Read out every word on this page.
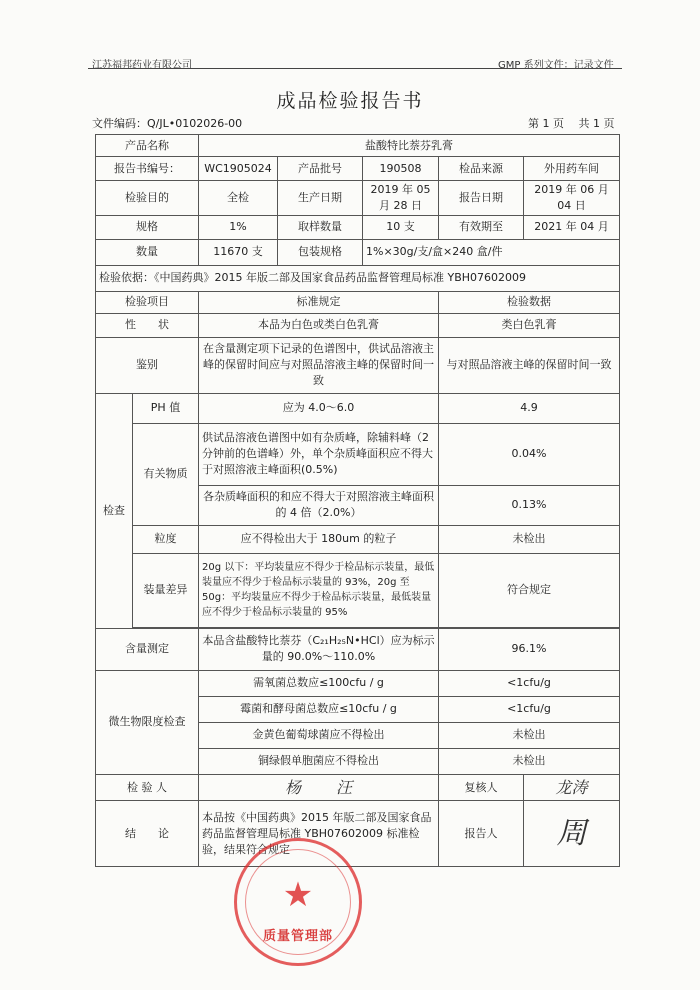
江苏福邦药业有限公司	GMP 系列文件：记录文件
成品检验报告书
文件编码：Q/JL•0102026-00	第 1 页　 共 1 页
产品名称		盐酸特比萘芬乳膏				
报告书编号：		WC1905024	产品批号	190508	检品来源	外用药车间
检验目的		全检	生产日期	2019 年 05 月 28 日	报告日期	2019 年 06 月 04 日
规格		1%	取样数量	10 支	有效期至	2021 年 04 月
数量		11670 支	包装规格	1%×30g/支/盒×240 盒/件		
检验依据：《中国药典》2015 年版二部及国家食品药品监督管理局标准 YBH07602009						
检验项目		标准规定			检验数据	
性　　状		本品为白色或类白色乳膏			类白色乳膏	
鉴别		在含量测定项下记录的色谱图中，供试品溶液主峰的保留时间应与对照品溶液主峰的保留时间一致			与对照品溶液主峰的保留时间一致	
检查	PH 值	应为 4.0～6.0			4.9	
	有关物质	供试品溶液色谱图中如有杂质峰，除辅料峰（2 分钟前的色谱峰）外，单个杂质峰面积应不得大于对照溶液主峰面积(0.5%)			0.04%	
		各杂质峰面积的和应不得大于对照溶液主峰面积的 4 倍（2.0%）			0.13%	
	粒度	应不得检出大于 180um 的粒子			未检出	
	装量差异	20g 以下：平均装量应不得少于检品标示装量，最低装量应不得少于检品标示装量的 93%，20g 至 50g：平均装量应不得少于检品标示装量，最低装量应不得少于检品标示装量的 95%			符合规定	

含量测定		本品含盐酸特比萘芬（C₂₁H₂₅N•HCl）应为标示量的 90.0%～110.0%			96.1%	
微生物限度检查		需氧菌总数应≤100cfu / g			<1cfu/g	
		霉菌和酵母菌总数应≤10cfu / g			<1cfu/g	
		金黄色葡萄球菌应不得检出			未检出	
		铜绿假单胞菌应不得检出			未检出	
检 验 人		杨 汪			复核人	龙涛
结　　论		本品按《中国药典》2015 年版二部及国家食品药品监督管理局标准 YBH07602009 标准检验，结果符合规定			报告人	周
★
质量管理部
